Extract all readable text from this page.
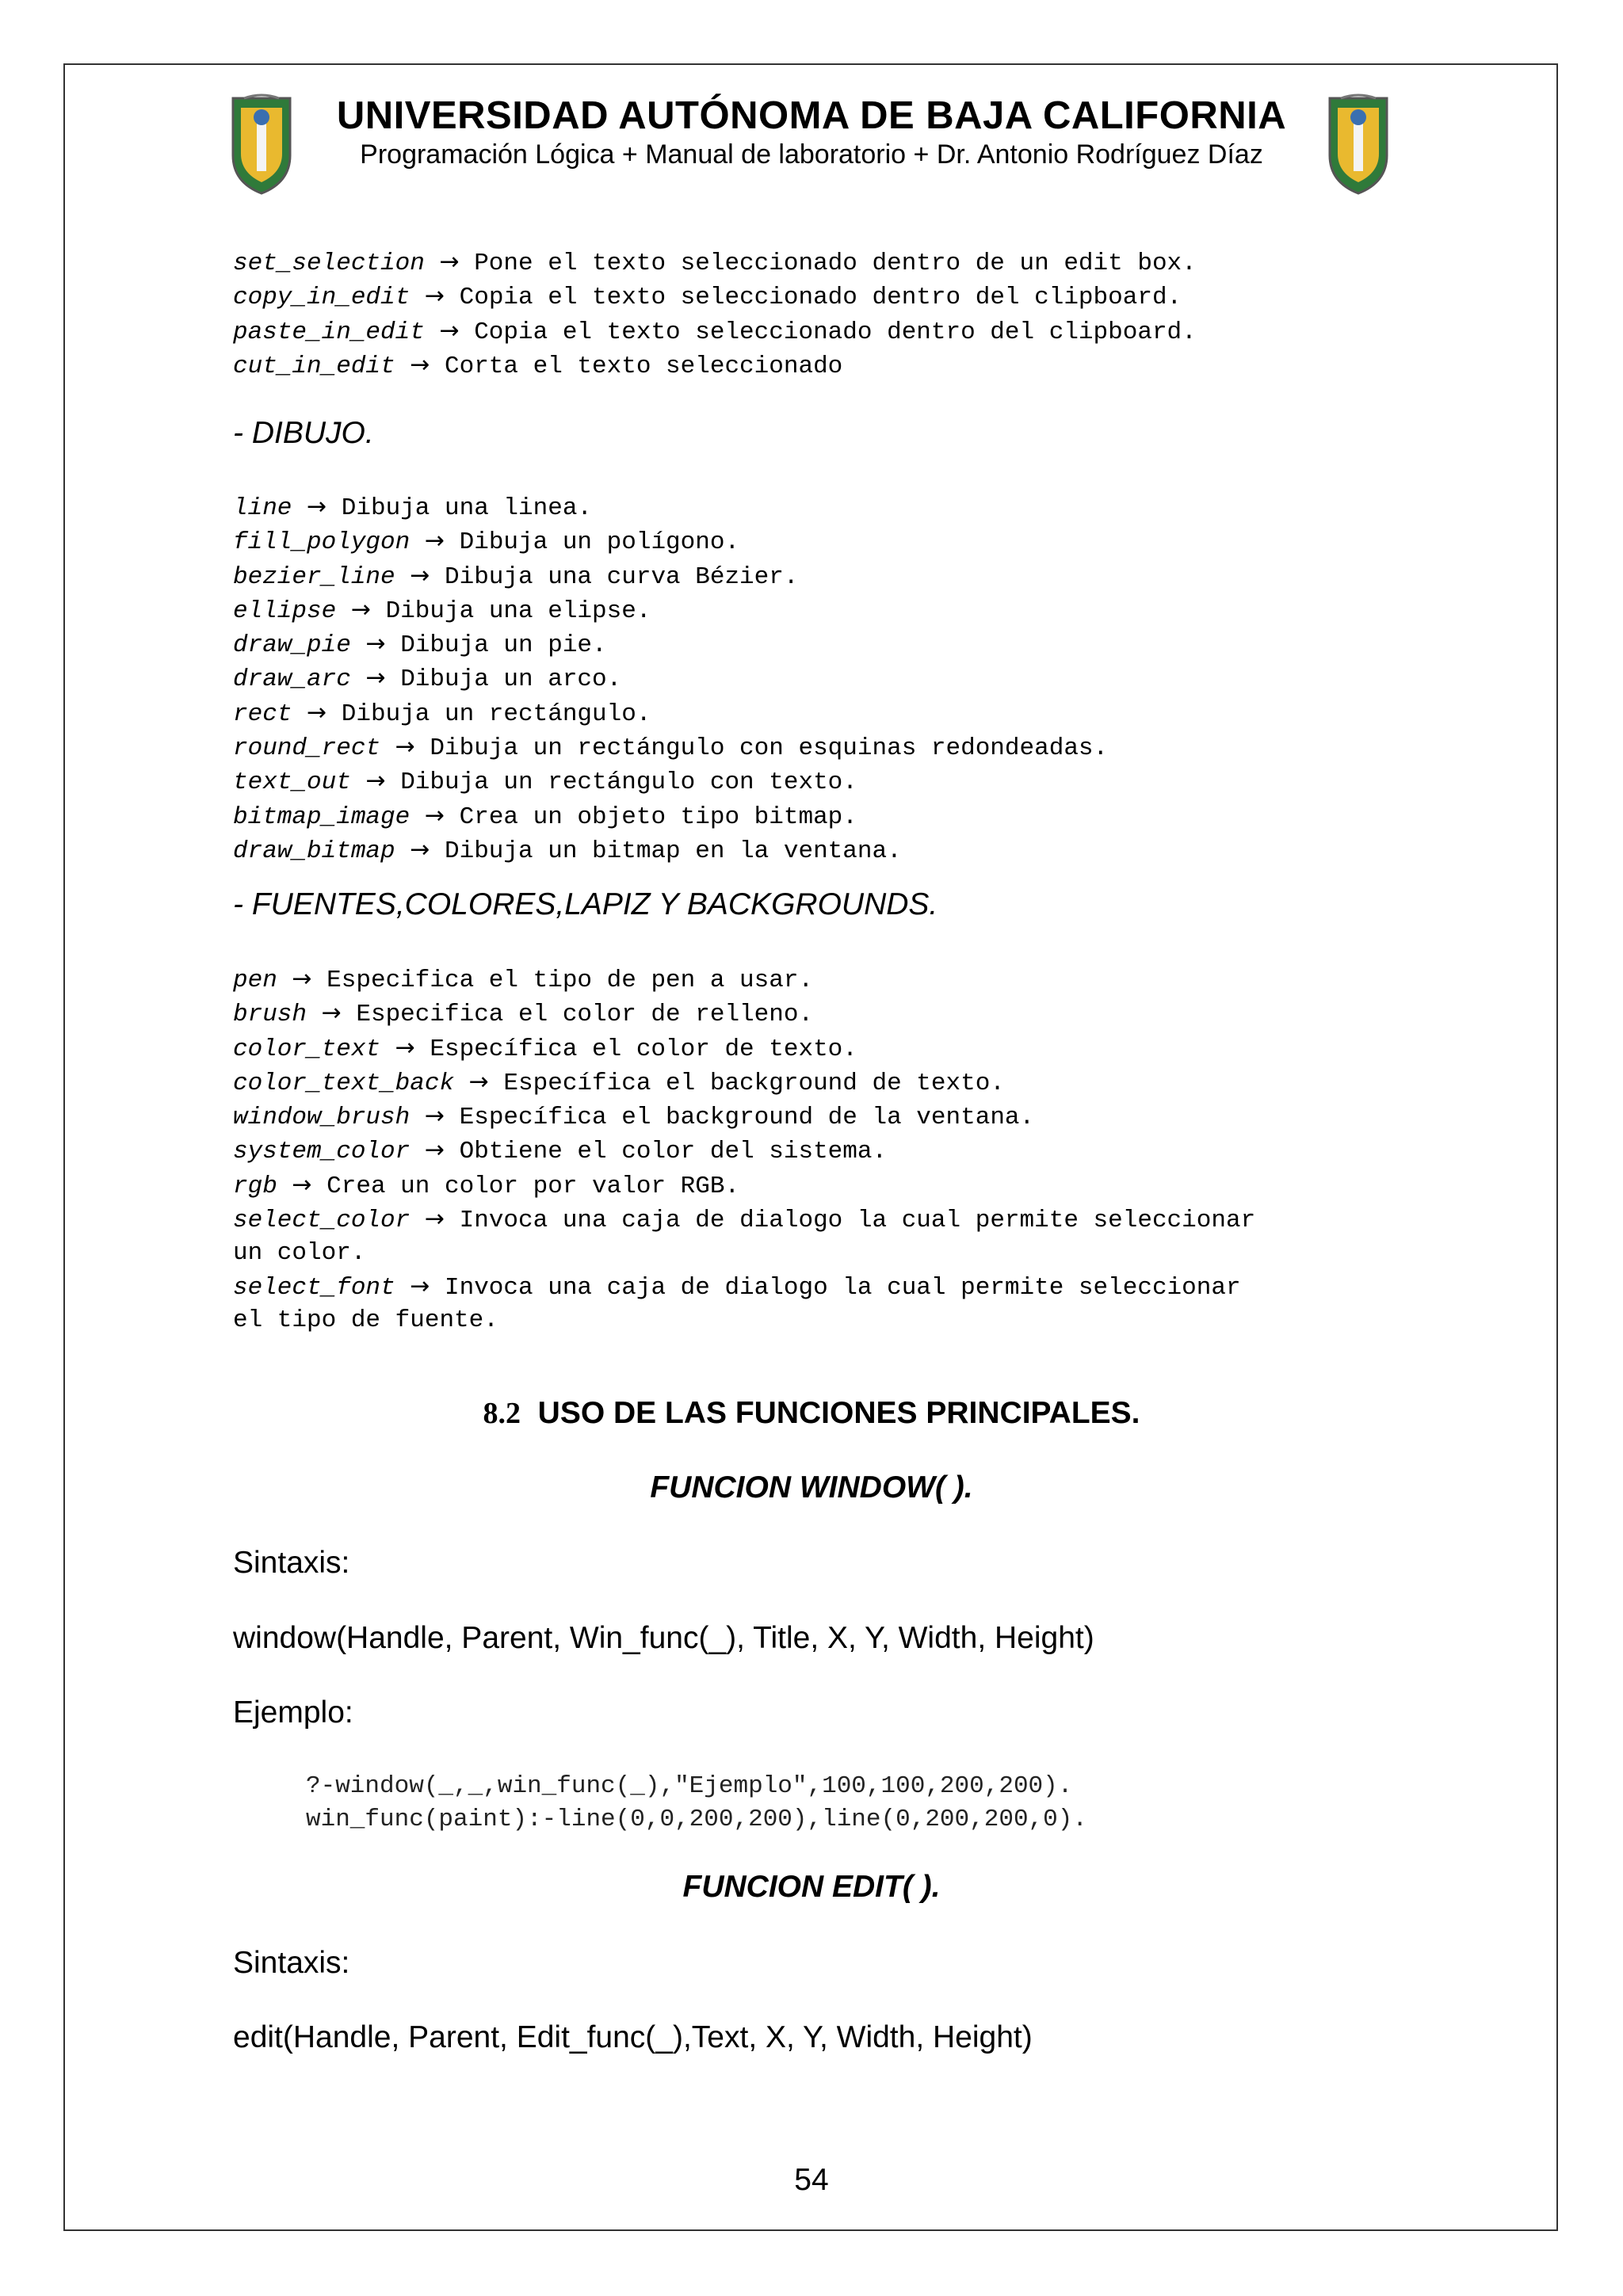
UNIVERSIDAD AUTÓNOMA DE BAJA CALIFORNIA
Programación Lógica + Manual de laboratorio + Dr. Antonio Rodríguez Díaz
set_selection → Pone el texto seleccionado dentro de un edit box.
copy_in_edit → Copia el texto seleccionado dentro del clipboard.
paste_in_edit → Copia el texto seleccionado dentro del clipboard.
cut_in_edit → Corta el texto seleccionado
- DIBUJO.
line → Dibuja una linea.
fill_polygon → Dibuja un polígono.
bezier_line → Dibuja una curva Bézier.
ellipse → Dibuja una elipse.
draw_pie → Dibuja un pie.
draw_arc → Dibuja un arco.
rect → Dibuja un rectángulo.
round_rect → Dibuja un rectángulo con esquinas redondeadas.
text_out → Dibuja un rectángulo con texto.
bitmap_image → Crea un objeto tipo bitmap.
draw_bitmap → Dibuja un bitmap en la ventana.
- FUENTES,COLORES,LAPIZ Y BACKGROUNDS.
pen → Especifica el tipo de pen a usar.
brush → Especifica el color de relleno.
color_text → Específica el color de texto.
color_text_back → Específica el background de texto.
window_brush → Específica el background de la ventana.
system_color → Obtiene el color del sistema.
rgb → Crea un color por valor RGB.
select_color → Invoca una caja de dialogo la cual permite seleccionar
un color.
select_font → Invoca una caja de dialogo la cual permite seleccionar
el tipo de fuente.
8.2 USO DE LAS FUNCIONES PRINCIPALES.
FUNCION WINDOW( ).
Sintaxis:
window(Handle, Parent, Win_func(_), Title, X, Y, Width, Height)
Ejemplo:
?-window(_,_,win_func(_),"Ejemplo",100,100,200,200).
win_func(paint):-line(0,0,200,200),line(0,200,200,0).
FUNCION EDIT( ).
Sintaxis:
edit(Handle, Parent, Edit_func(_),Text, X, Y, Width, Height)
54
